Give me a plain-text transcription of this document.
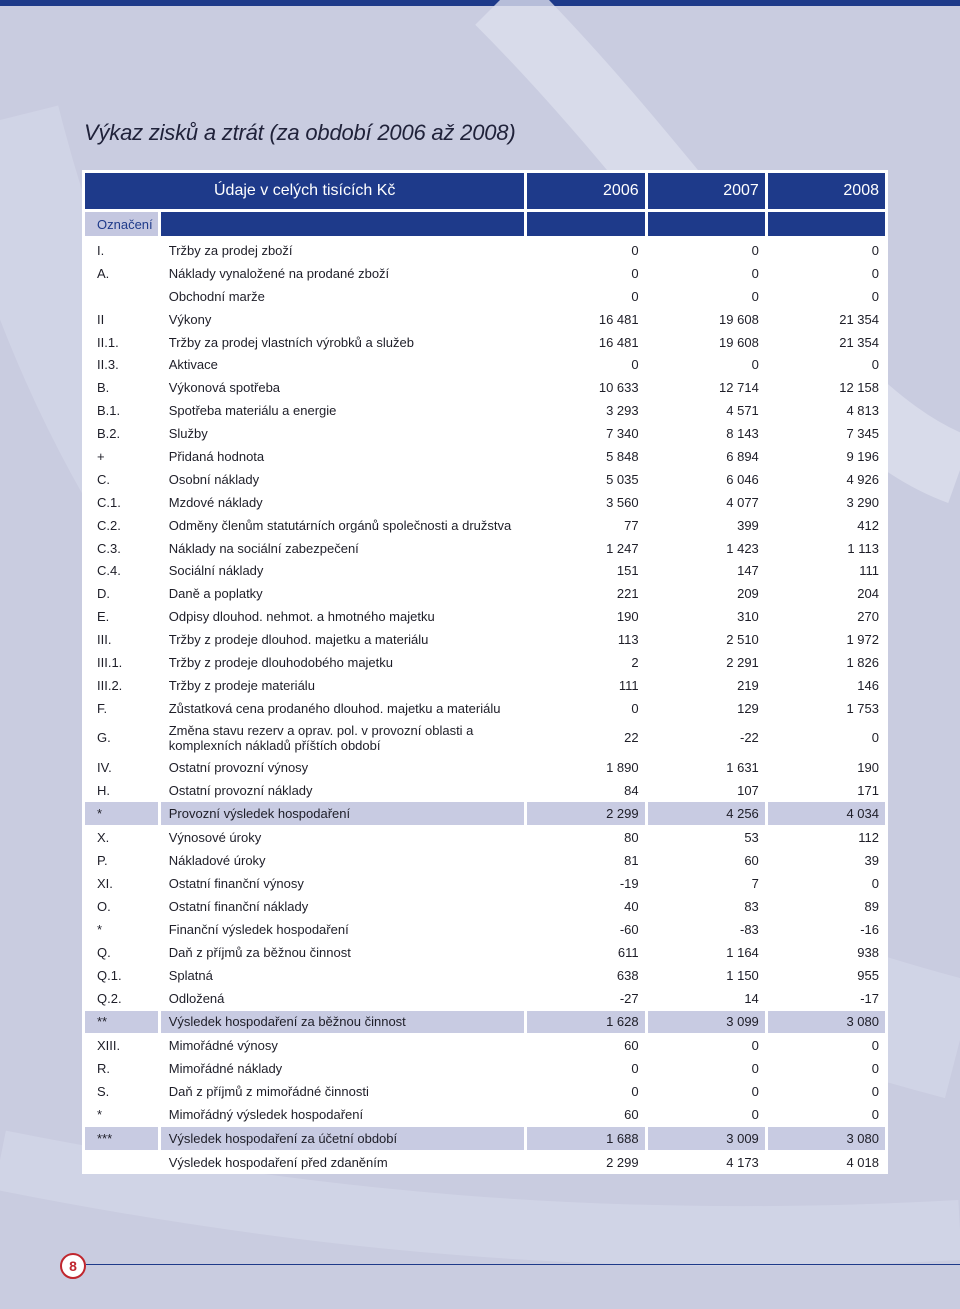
Výkaz zisků a ztrát (za období 2006 až 2008)
Údaje v celých tisících Kč		2006	2007	2008
Označení				
I.	Tržby za prodej zboží	0	0	0
A.	Náklady vynaložené na prodané zboží	0	0	0
	Obchodní marže	0	0	0
II	Výkony	16 481	19 608	21 354
II.1.	Tržby za prodej vlastních výrobků a služeb	16 481	19 608	21 354
II.3.	Aktivace	0	0	0
B.	Výkonová spotřeba	10 633	12 714	12 158
B.1.	Spotřeba materiálu a energie	3 293	4 571	4 813
B.2.	Služby	7 340	8 143	7 345
+	Přidaná hodnota	5 848	6 894	9 196
C.	Osobní náklady	5 035	6 046	4 926
C.1.	Mzdové náklady	3 560	4 077	3 290
C.2.	Odměny členům statutárních orgánů společnosti a družstva	77	399	412
C.3.	Náklady na sociální zabezpečení	1 247	1 423	1 113
C.4.	Sociální náklady	151	147	111
D.	Daně a poplatky	221	209	204
E.	Odpisy dlouhod. nehmot. a hmotného majetku	190	310	270
III.	Tržby z prodeje dlouhod. majetku a materiálu	113	2 510	1 972
III.1.	Tržby z prodeje dlouhodobého majetku	2	2 291	1 826
III.2.	Tržby z prodeje materiálu	111	219	146
F.	Zůstatková cena prodaného dlouhod. majetku a materiálu	0	129	1 753
G.	Změna stavu rezerv a oprav. pol. v provozní oblasti a komplexních nákladů příštích období	22	-22	0
IV.	Ostatní provozní výnosy	1 890	1 631	190
H.	Ostatní provozní náklady	84	107	171
*	Provozní výsledek hospodaření	2 299	4 256	4 034
X.	Výnosové úroky	80	53	112
P.	Nákladové úroky	81	60	39
XI.	Ostatní finanční výnosy	-19	7	0
O.	Ostatní finanční náklady	40	83	89
*	Finanční výsledek hospodaření	-60	-83	-16
Q.	Daň z příjmů za běžnou činnost	611	1 164	938
Q.1.	Splatná	638	1 150	955
Q.2.	Odložená	-27	14	-17
**	Výsledek hospodaření za běžnou činnost	1 628	3 099	3 080
XIII.	Mimořádné výnosy	60	0	0
R.	Mimořádné náklady	0	0	0
S.	Daň z příjmů z mimořádné činnosti	0	0	0
*	Mimořádný výsledek hospodaření	60	0	0
***	Výsledek hospodaření za účetní období	1 688	3 009	3 080
	Výsledek hospodaření před zdaněním	2 299	4 173	4 018
8
